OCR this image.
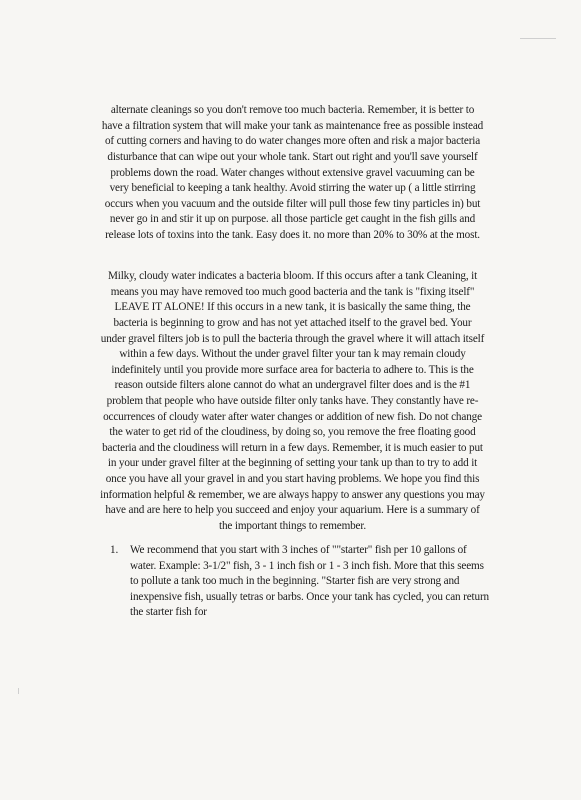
alternate cleanings so you don't remove too much bacteria. Remember, it is better to have a filtration system that will make your tank as maintenance free as possible instead of cutting corners and having to do water changes more often and risk a major bacteria disturbance that can wipe out your whole tank. Start out right and you'll save yourself problems down the road. Water changes without extensive gravel vacuuming can be very beneficial to keeping a tank healthy. Avoid stirring the water up ( a little stirring occurs when you vacuum and the outside filter will pull those few tiny particles in) but never go in and stir it up on purpose. all those particle get caught in the fish gills and release lots of toxins into the tank. Easy does it. no more than 20% to 30% at the most.

Milky, cloudy water indicates a bacteria bloom. If this occurs after a tank Cleaning, it means you may have removed too much good bacteria and the tank is "fixing itself" LEAVE IT ALONE! If this occurs in a new tank, it is basically the same thing, the bacteria is beginning to grow and has not yet attached itself to the gravel bed. Your under gravel filters job is to pull the bacteria through the gravel where it will attach itself within a few days. Without the under gravel filter your tan k may remain cloudy indefinitely until you provide more surface area for bacteria to adhere to. This is the reason outside filters alone cannot do what an undergravel filter does and is the #1 problem that people who have outside filter only tanks have. They constantly have re-occurrences of cloudy water after water changes or addition of new fish. Do not change the water to get rid of the cloudiness, by doing so, you remove the free floating good bacteria and the cloudiness will return in a few days. Remember, it is much easier to put in your under gravel filter at the beginning of setting your tank up than to try to add it once you have all your gravel in and you start having problems. We hope you find this information helpful & remember, we are always happy to answer any questions you may have and are here to help you succeed and enjoy your aquarium. Here is a summary of the important things to remember.

1.	We recommend that you start with 3 inches of ""starter" fish per 10 gallons of water. Example: 3-1/2" fish, 3 - 1 inch fish or 1 - 3 inch fish. More that this seems to pollute a tank too much in the beginning. "Starter fish are very strong and inexpensive fish, usually tetras or barbs. Once your tank has cycled, you can return the starter fish for
